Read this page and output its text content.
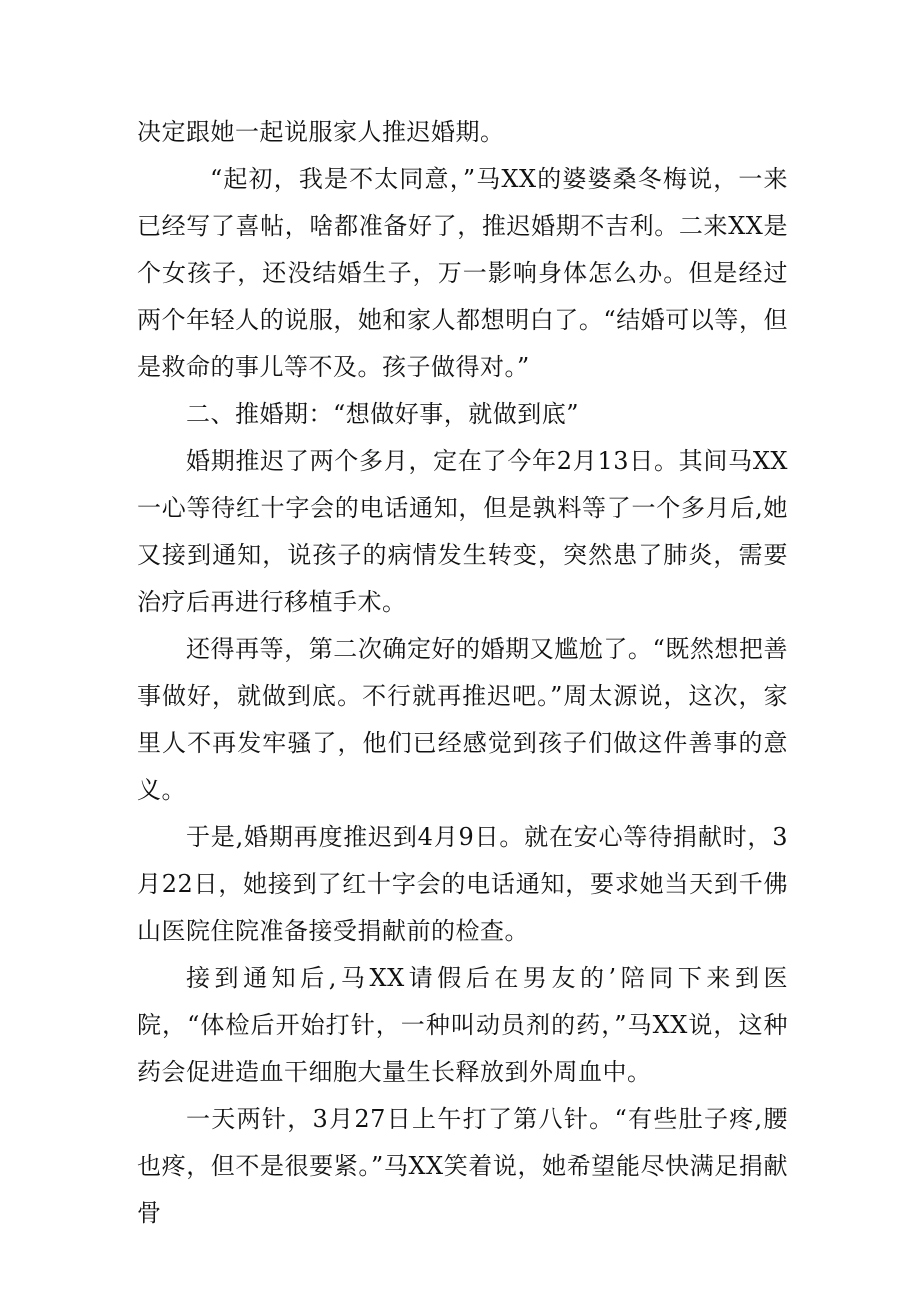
决定跟她一起说服家人推迟婚期。

“起初，我是不太同意，”马XX的婆婆桑冬梅说，一来已经写了喜帖，啥都准备好了，推迟婚期不吉利。二来XX是个女孩子，还没结婚生子，万一影响身体怎么办。但是经过两个年轻人的说服，她和家人都想明白了。“结婚可以等，但是救命的事儿等不及。孩子做得对。”

二、推婚期：“想做好事，就做到底”

婚期推迟了两个多月，定在了今年2月13日。其间马XX一心等待红十字会的电话通知，但是孰料等了一个多月后,她又接到通知，说孩子的病情发生转变，突然患了肺炎，需要治疗后再进行移植手术。

还得再等，第二次确定好的婚期又尴尬了。“既然想把善事做好，就做到底。不行就再推迟吧。”周太源说，这次，家里人不再发牢骚了，他们已经感觉到孩子们做这件善事的意义。

于是,婚期再度推迟到4月9日。就在安心等待捐献时，3月22日，她接到了红十字会的电话通知，要求她当天到千佛山医院住院准备接受捐献前的检查。

接到通知后,马XX请假后在男友的’陪同下来到医院，“体检后开始打针，一种叫动员剂的药，”马XX说，这种药会促进造血干细胞大量生长释放到外周血中。

一天两针，3月27日上午打了第八针。“有些肚子疼,腰也疼，但不是很要紧。”马XX笑着说，她希望能尽快满足捐献骨
